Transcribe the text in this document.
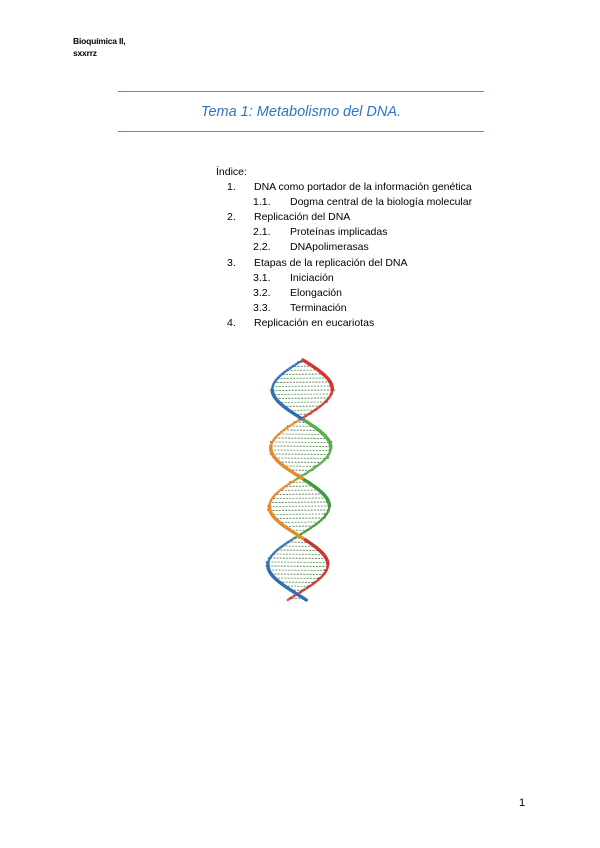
Bioquímica II,
sxxrrz
Tema 1: Metabolismo del DNA.
Índice:
1. DNA como portador de la información genética
1.1. Dogma central de la biología molecular
2. Replicación del DNA
2.1. Proteínas implicadas
2.2. DNApolimerasas
3. Etapas de la replicación del DNA
3.1. Iniciación
3.2. Elongación
3.3. Terminación
4. Replicación en eucariotas
1
